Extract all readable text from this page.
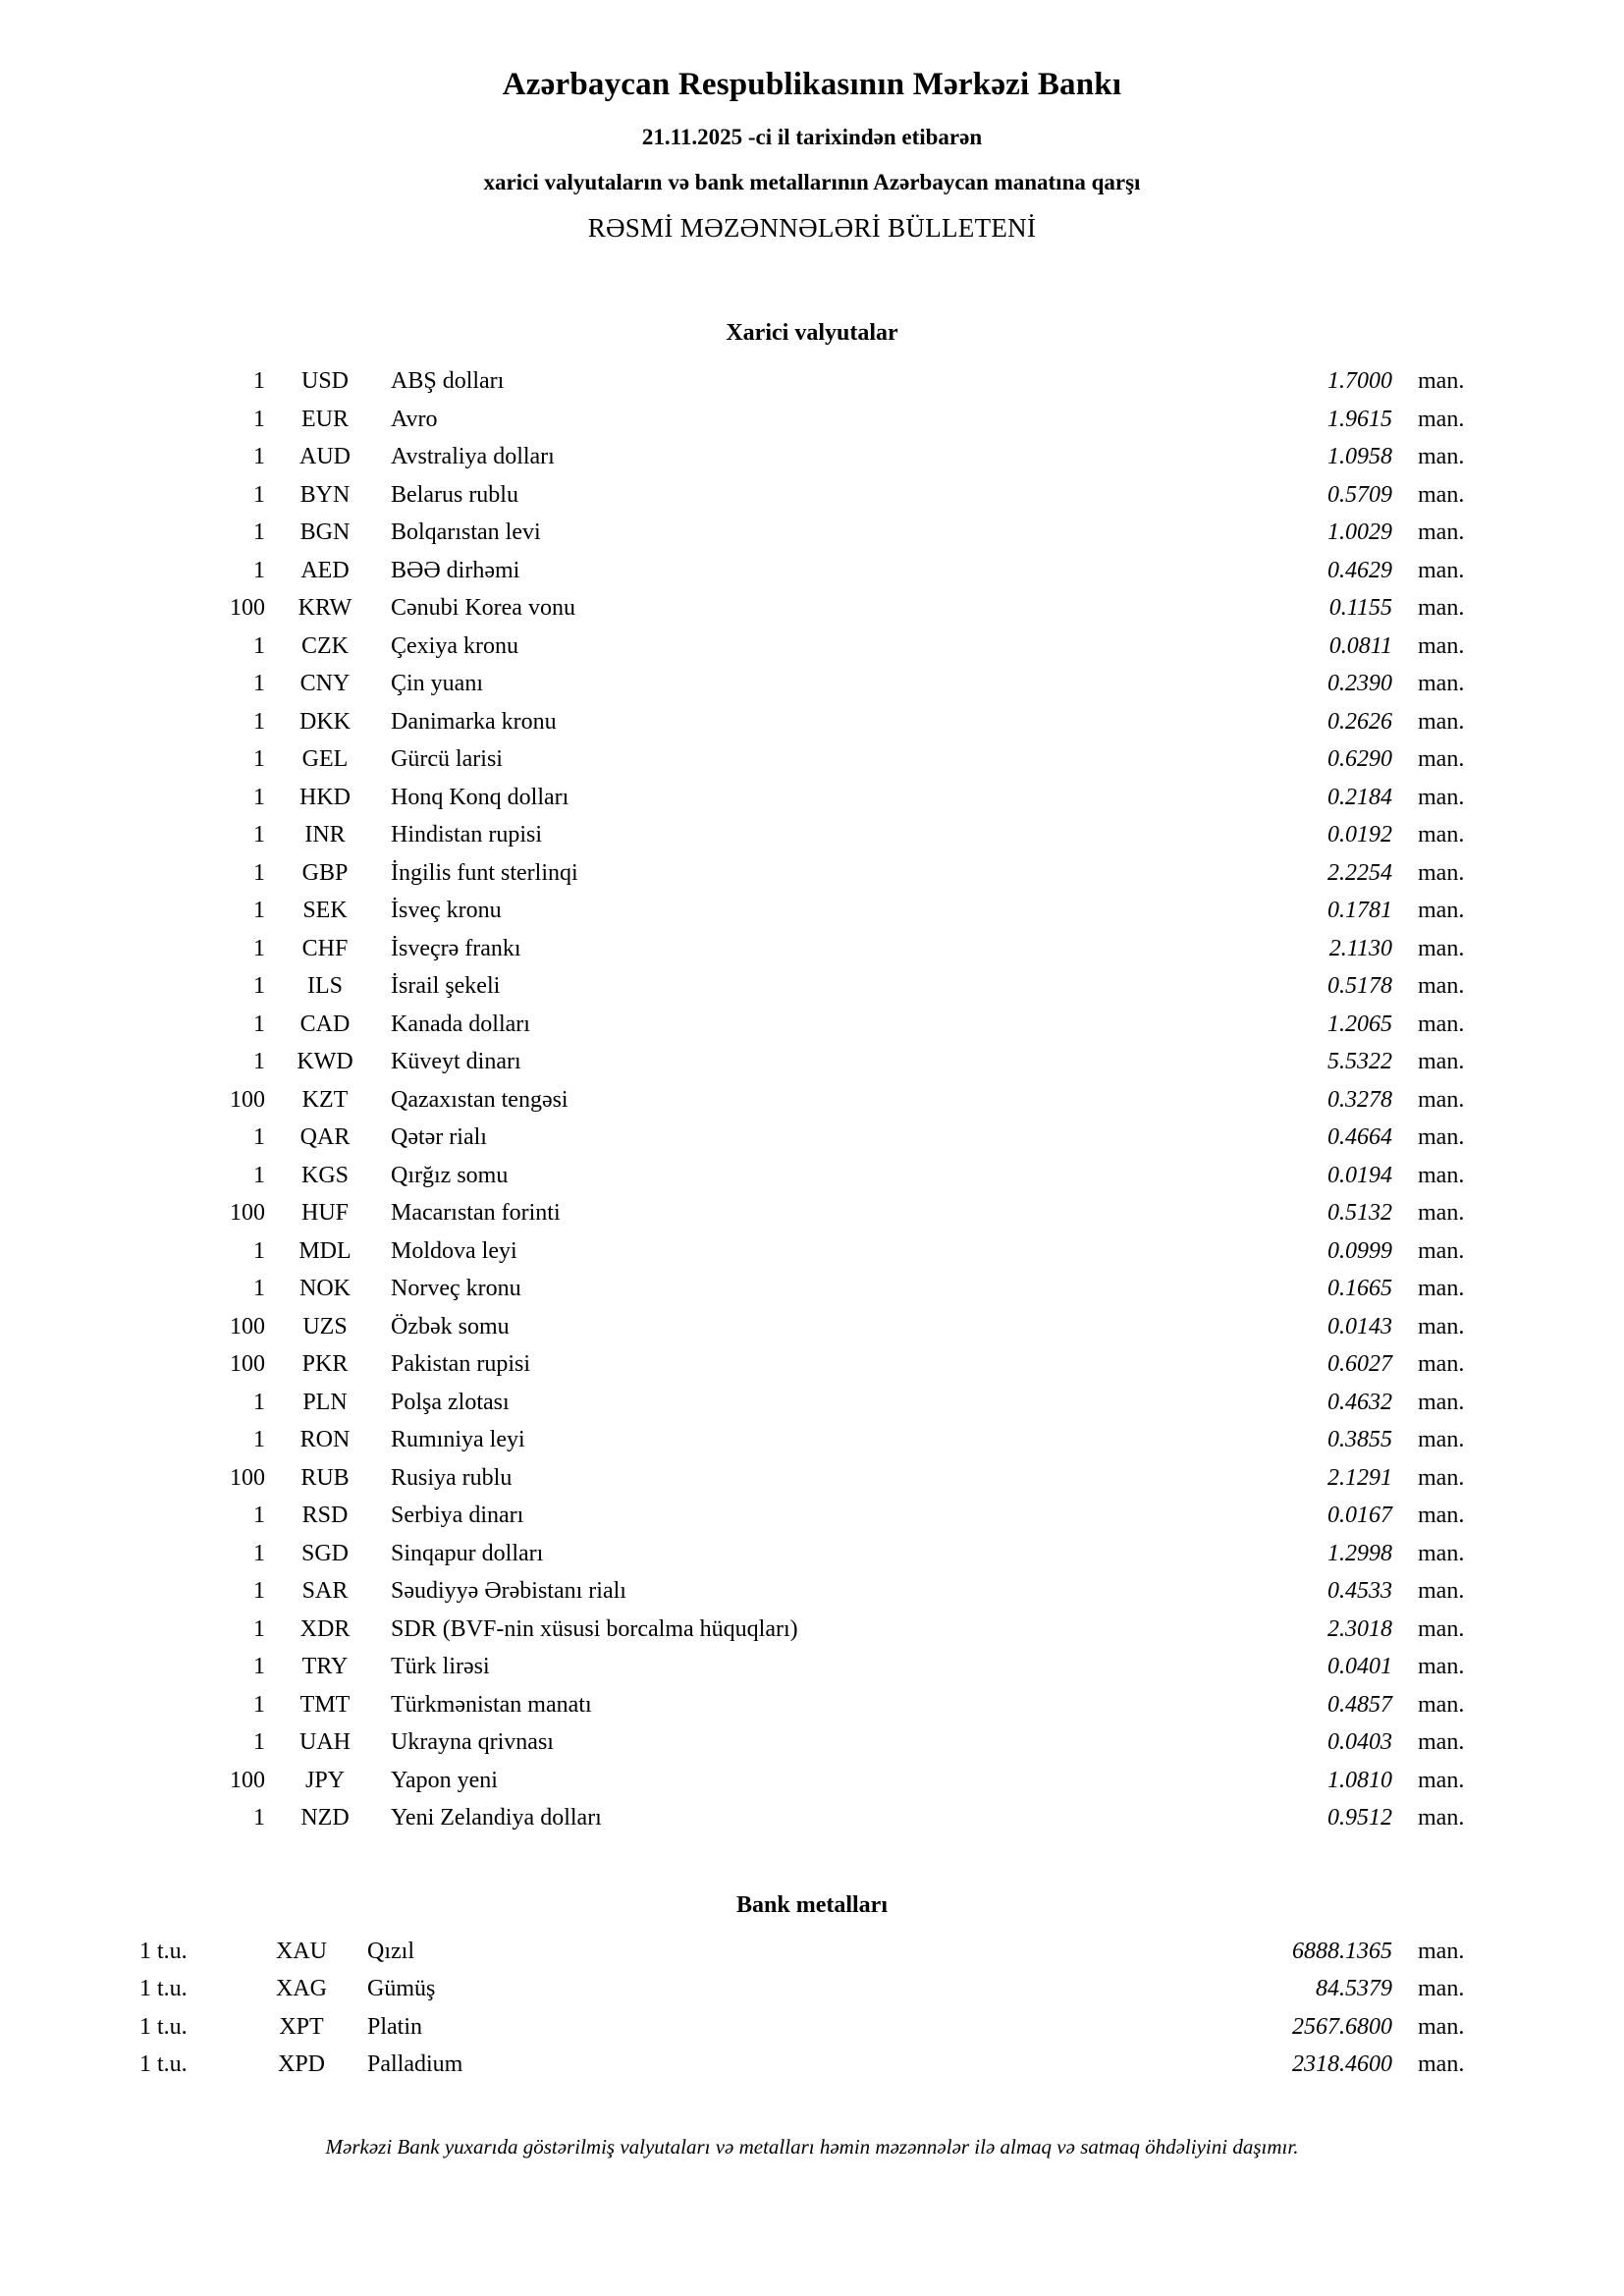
Azərbaycan Respublikasının Mərkəzi Bankı
21.11.2025 -ci il tarixindən etibarən
xarici valyutaların və bank metallarının Azərbaycan manatına qarşı
RƏSMİ MƏZƏNNƏLƏRİ BÜLLETENİ
Xarici valyutalar
1	USD	ABŞ dolları	1.7000	man.
1	EUR	Avro	1.9615	man.
1	AUD	Avstraliya dolları	1.0958	man.
1	BYN	Belarus rublu	0.5709	man.
1	BGN	Bolqarıstan levi	1.0029	man.
1	AED	BƏƏ dirhəmi	0.4629	man.
100	KRW	Cənubi Korea vonu	0.1155	man.
1	CZK	Çexiya kronu	0.0811	man.
1	CNY	Çin yuanı	0.2390	man.
1	DKK	Danimarka kronu	0.2626	man.
1	GEL	Gürcü larisi	0.6290	man.
1	HKD	Honq Konq dolları	0.2184	man.
1	INR	Hindistan rupisi	0.0192	man.
1	GBP	İngilis funt sterlinqi	2.2254	man.
1	SEK	İsveç kronu	0.1781	man.
1	CHF	İsveçrə frankı	2.1130	man.
1	ILS	İsrail şekeli	0.5178	man.
1	CAD	Kanada dolları	1.2065	man.
1	KWD	Küveyt dinarı	5.5322	man.
100	KZT	Qazaxıstan tengəsi	0.3278	man.
1	QAR	Qətər rialı	0.4664	man.
1	KGS	Qırğız somu	0.0194	man.
100	HUF	Macarıstan forinti	0.5132	man.
1	MDL	Moldova leyi	0.0999	man.
1	NOK	Norveç kronu	0.1665	man.
100	UZS	Özbək somu	0.0143	man.
100	PKR	Pakistan rupisi	0.6027	man.
1	PLN	Polşa zlotası	0.4632	man.
1	RON	Rumıniya leyi	0.3855	man.
100	RUB	Rusiya rublu	2.1291	man.
1	RSD	Serbiya dinarı	0.0167	man.
1	SGD	Sinqapur dolları	1.2998	man.
1	SAR	Səudiyyə Ərəbistanı rialı	0.4533	man.
1	XDR	SDR (BVF-nin xüsusi borcalma hüquqları)	2.3018	man.
1	TRY	Türk lirəsi	0.0401	man.
1	TMT	Türkmənistan manatı	0.4857	man.
1	UAH	Ukrayna qrivnası	0.0403	man.
100	JPY	Yapon yeni	1.0810	man.
1	NZD	Yeni Zelandiya dolları	0.9512	man.
Bank metalları
1 t.u.	XAU	Qızıl	6888.1365	man.
1 t.u.	XAG	Gümüş	84.5379	man.
1 t.u.	XPT	Platin	2567.6800	man.
1 t.u.	XPD	Palladium	2318.4600	man.
Mərkəzi Bank yuxarıda göstərilmiş valyutaları və metalları həmin məzənnələr ilə almaq və satmaq öhdəliyini daşımır.
